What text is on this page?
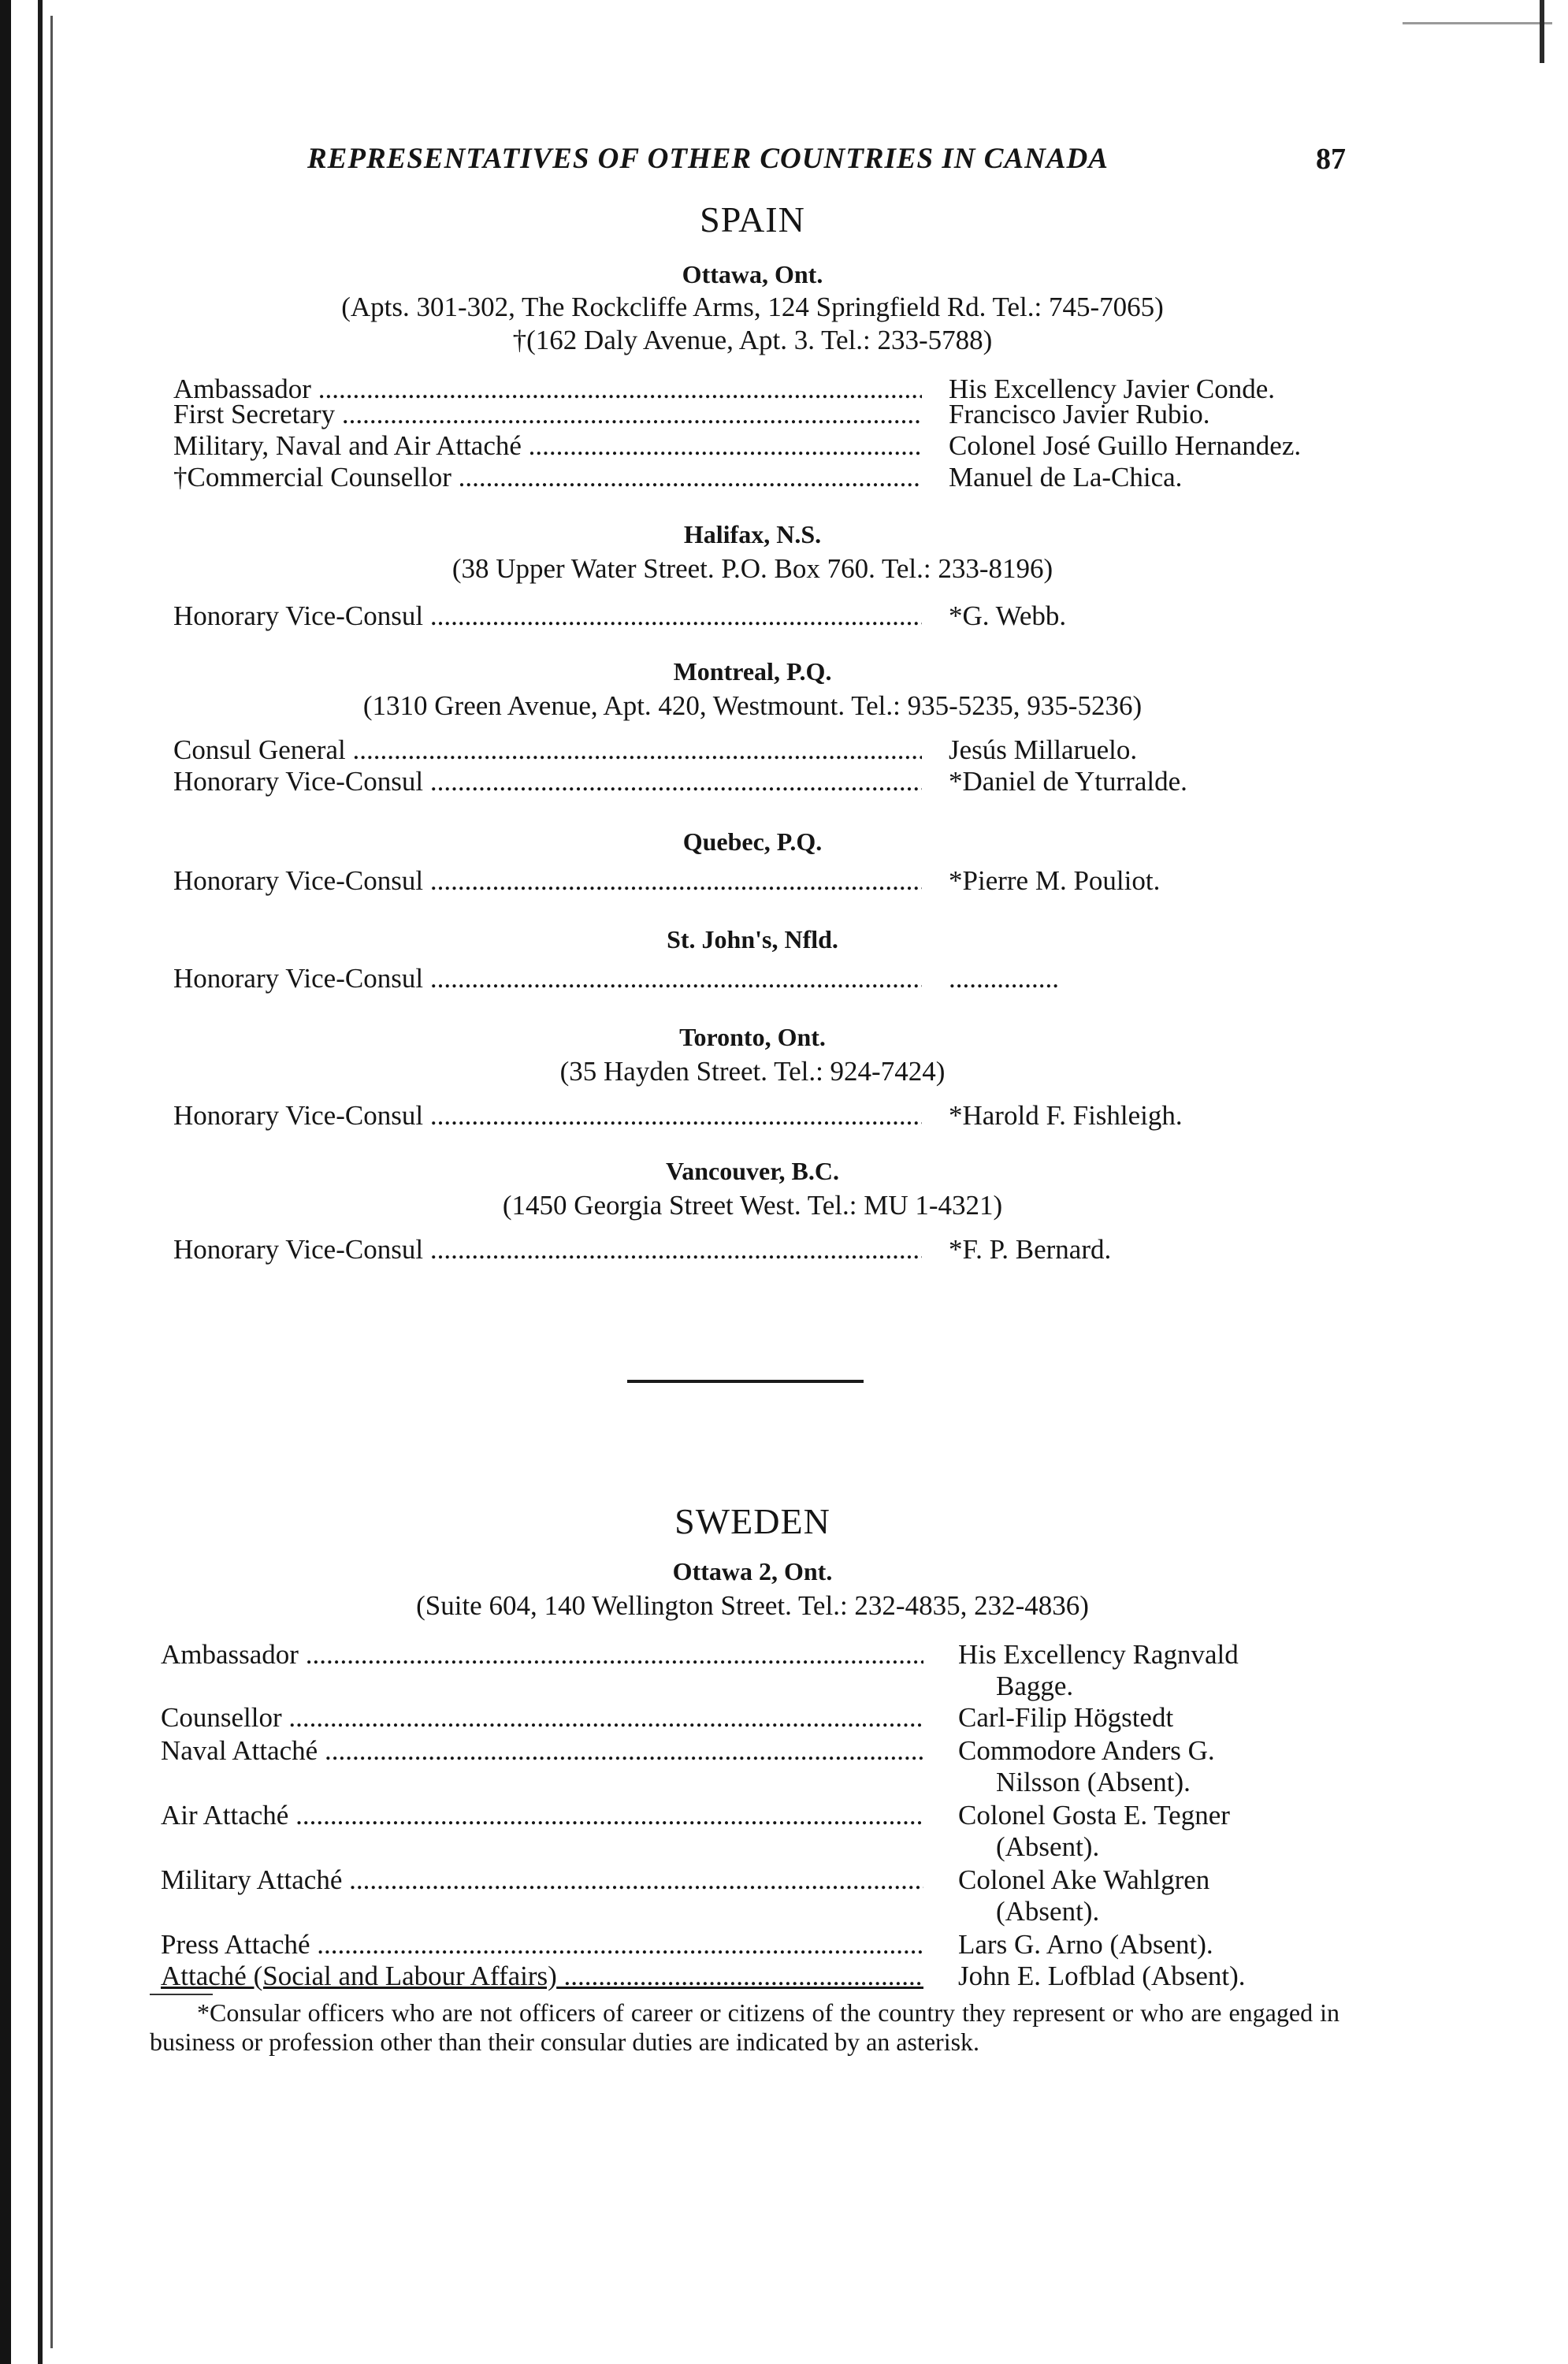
REPRESENTATIVES OF OTHER COUNTRIES IN CANADA	87
SPAIN
Ottawa, Ont.
(Apts. 301-302, The Rockcliffe Arms, 124 Springfield Rd. Tel.: 745-7065)
†(162 Daly Avenue, Apt. 3. Tel.: 233-5788)
Ambassador .....	His Excellency Javier Conde.
First Secretary .....	Francisco Javier Rubio.
Military, Naval and Air Attaché .....	Colonel José Guillo Hernandez.
†Commercial Counsellor .....	Manuel de La-Chica.
Halifax, N.S.
(38 Upper Water Street. P.O. Box 760. Tel.: 233-8196)
Honorary Vice-Consul .....	*G. Webb.
Montreal, P.Q.
(1310 Green Avenue, Apt. 420, Westmount. Tel.: 935-5235, 935-5236)
Consul General .....	Jesús Millaruelo.
Honorary Vice-Consul .....	*Daniel de Yturralde.
Quebec, P.Q.
Honorary Vice-Consul .....	*Pierre M. Pouliot.
St. John's, Nfld.
Honorary Vice-Consul .....	................
Toronto, Ont.
(35 Hayden Street. Tel.: 924-7424)
Honorary Vice-Consul .....	*Harold F. Fishleigh.
Vancouver, B.C.
(1450 Georgia Street West. Tel.: MU 1-4321)
Honorary Vice-Consul .....	*F. P. Bernard.
SWEDEN
Ottawa 2, Ont.
(Suite 604, 140 Wellington Street. Tel.: 232-4835, 232-4836)
Ambassador .....	His Excellency Ragnvald
Bagge.
Counsellor .....	Carl-Filip Högstedt
Naval Attaché .....	Commodore Anders G.
Nilsson (Absent).
Air Attaché .....	Colonel Gosta E. Tegner
(Absent).
Military Attaché .....	Colonel Ake Wahlgren
(Absent).
Press Attaché .....	Lars G. Arno (Absent).
Attaché (Social and Labour Affairs) .....	John E. Lofblad (Absent).
*Consular officers who are not officers of career or citizens of the country they represent or who are engaged in business or profession other than their consular duties are indicated by an asterisk.
